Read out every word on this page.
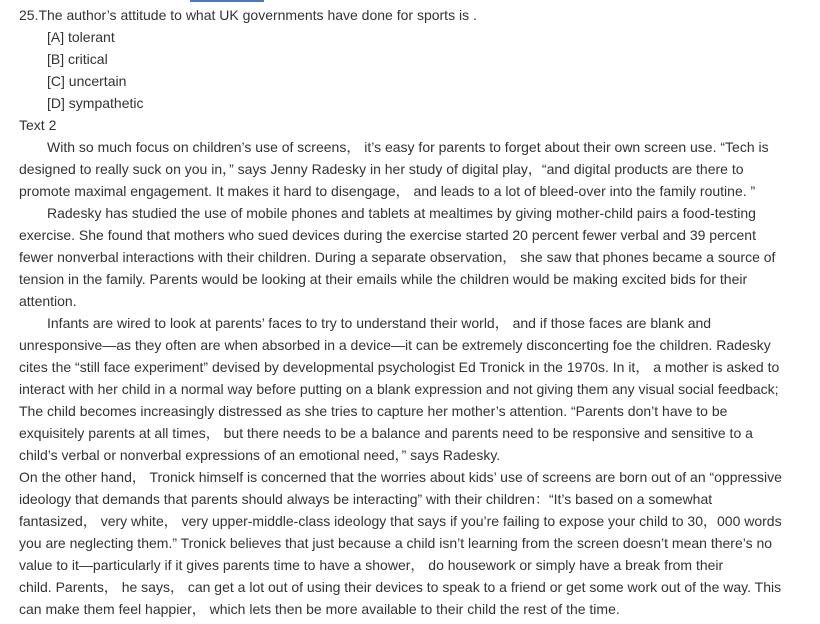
25.The author’s attitude to what UK governments have done for sports is .
[A] tolerant
[B] critical
[C] uncertain
[D] sympathetic
Text 2
With so much focus on children’s use of screens， it’s easy for parents to forget about their own screen use. “Tech is
designed to really suck on you in，” says Jenny Radesky in her study of digital play，“and digital products are there to
promote maximal engagement. It makes it hard to disengage， and leads to a lot of bleed-over into the family routine. ”
Radesky has studied the use of mobile phones and tablets at mealtimes by giving mother-child pairs a food-testing
exercise. She found that mothers who sued devices during the exercise started 20 percent fewer verbal and 39 percent
fewer nonverbal interactions with their children. During a separate observation， she saw that phones became a source of
tension in the family. Parents would be looking at their emails while the children would be making excited bids for their
attention.
Infants are wired to look at parents’ faces to try to understand their world， and if those faces are blank and
unresponsive—as they often are when absorbed in a device—it can be extremely disconcerting foe the children. Radesky
cites the “still face experiment” devised by developmental psychologist Ed Tronick in the 1970s. In it， a mother is asked to
interact with her child in a normal way before putting on a blank expression and not giving them any visual social feedback;
The child becomes increasingly distressed as she tries to capture her mother’s attention. “Parents don’t have to be
exquisitely parents at all times， but there needs to be a balance and parents need to be responsive and sensitive to a
child’s verbal or nonverbal expressions of an emotional need，” says Radesky.
On the other hand， Tronick himself is concerned that the worries about kids’ use of screens are born out of an “oppressive
ideology that demands that parents should always be interacting” with their children：“It’s based on a somewhat
fantasized， very white， very upper-middle-class ideology that says if you’re failing to expose your child to 30，000 words
you are neglecting them.” Tronick believes that just because a child isn’t learning from the screen doesn’t mean there’s no
value to it—particularly if it gives parents time to have a shower， do housework or simply have a break from their
child. Parents， he says， can get a lot out of using their devices to speak to a friend or get some work out of the way. This
can make them feel happier， which lets then be more available to their child the rest of the time.
